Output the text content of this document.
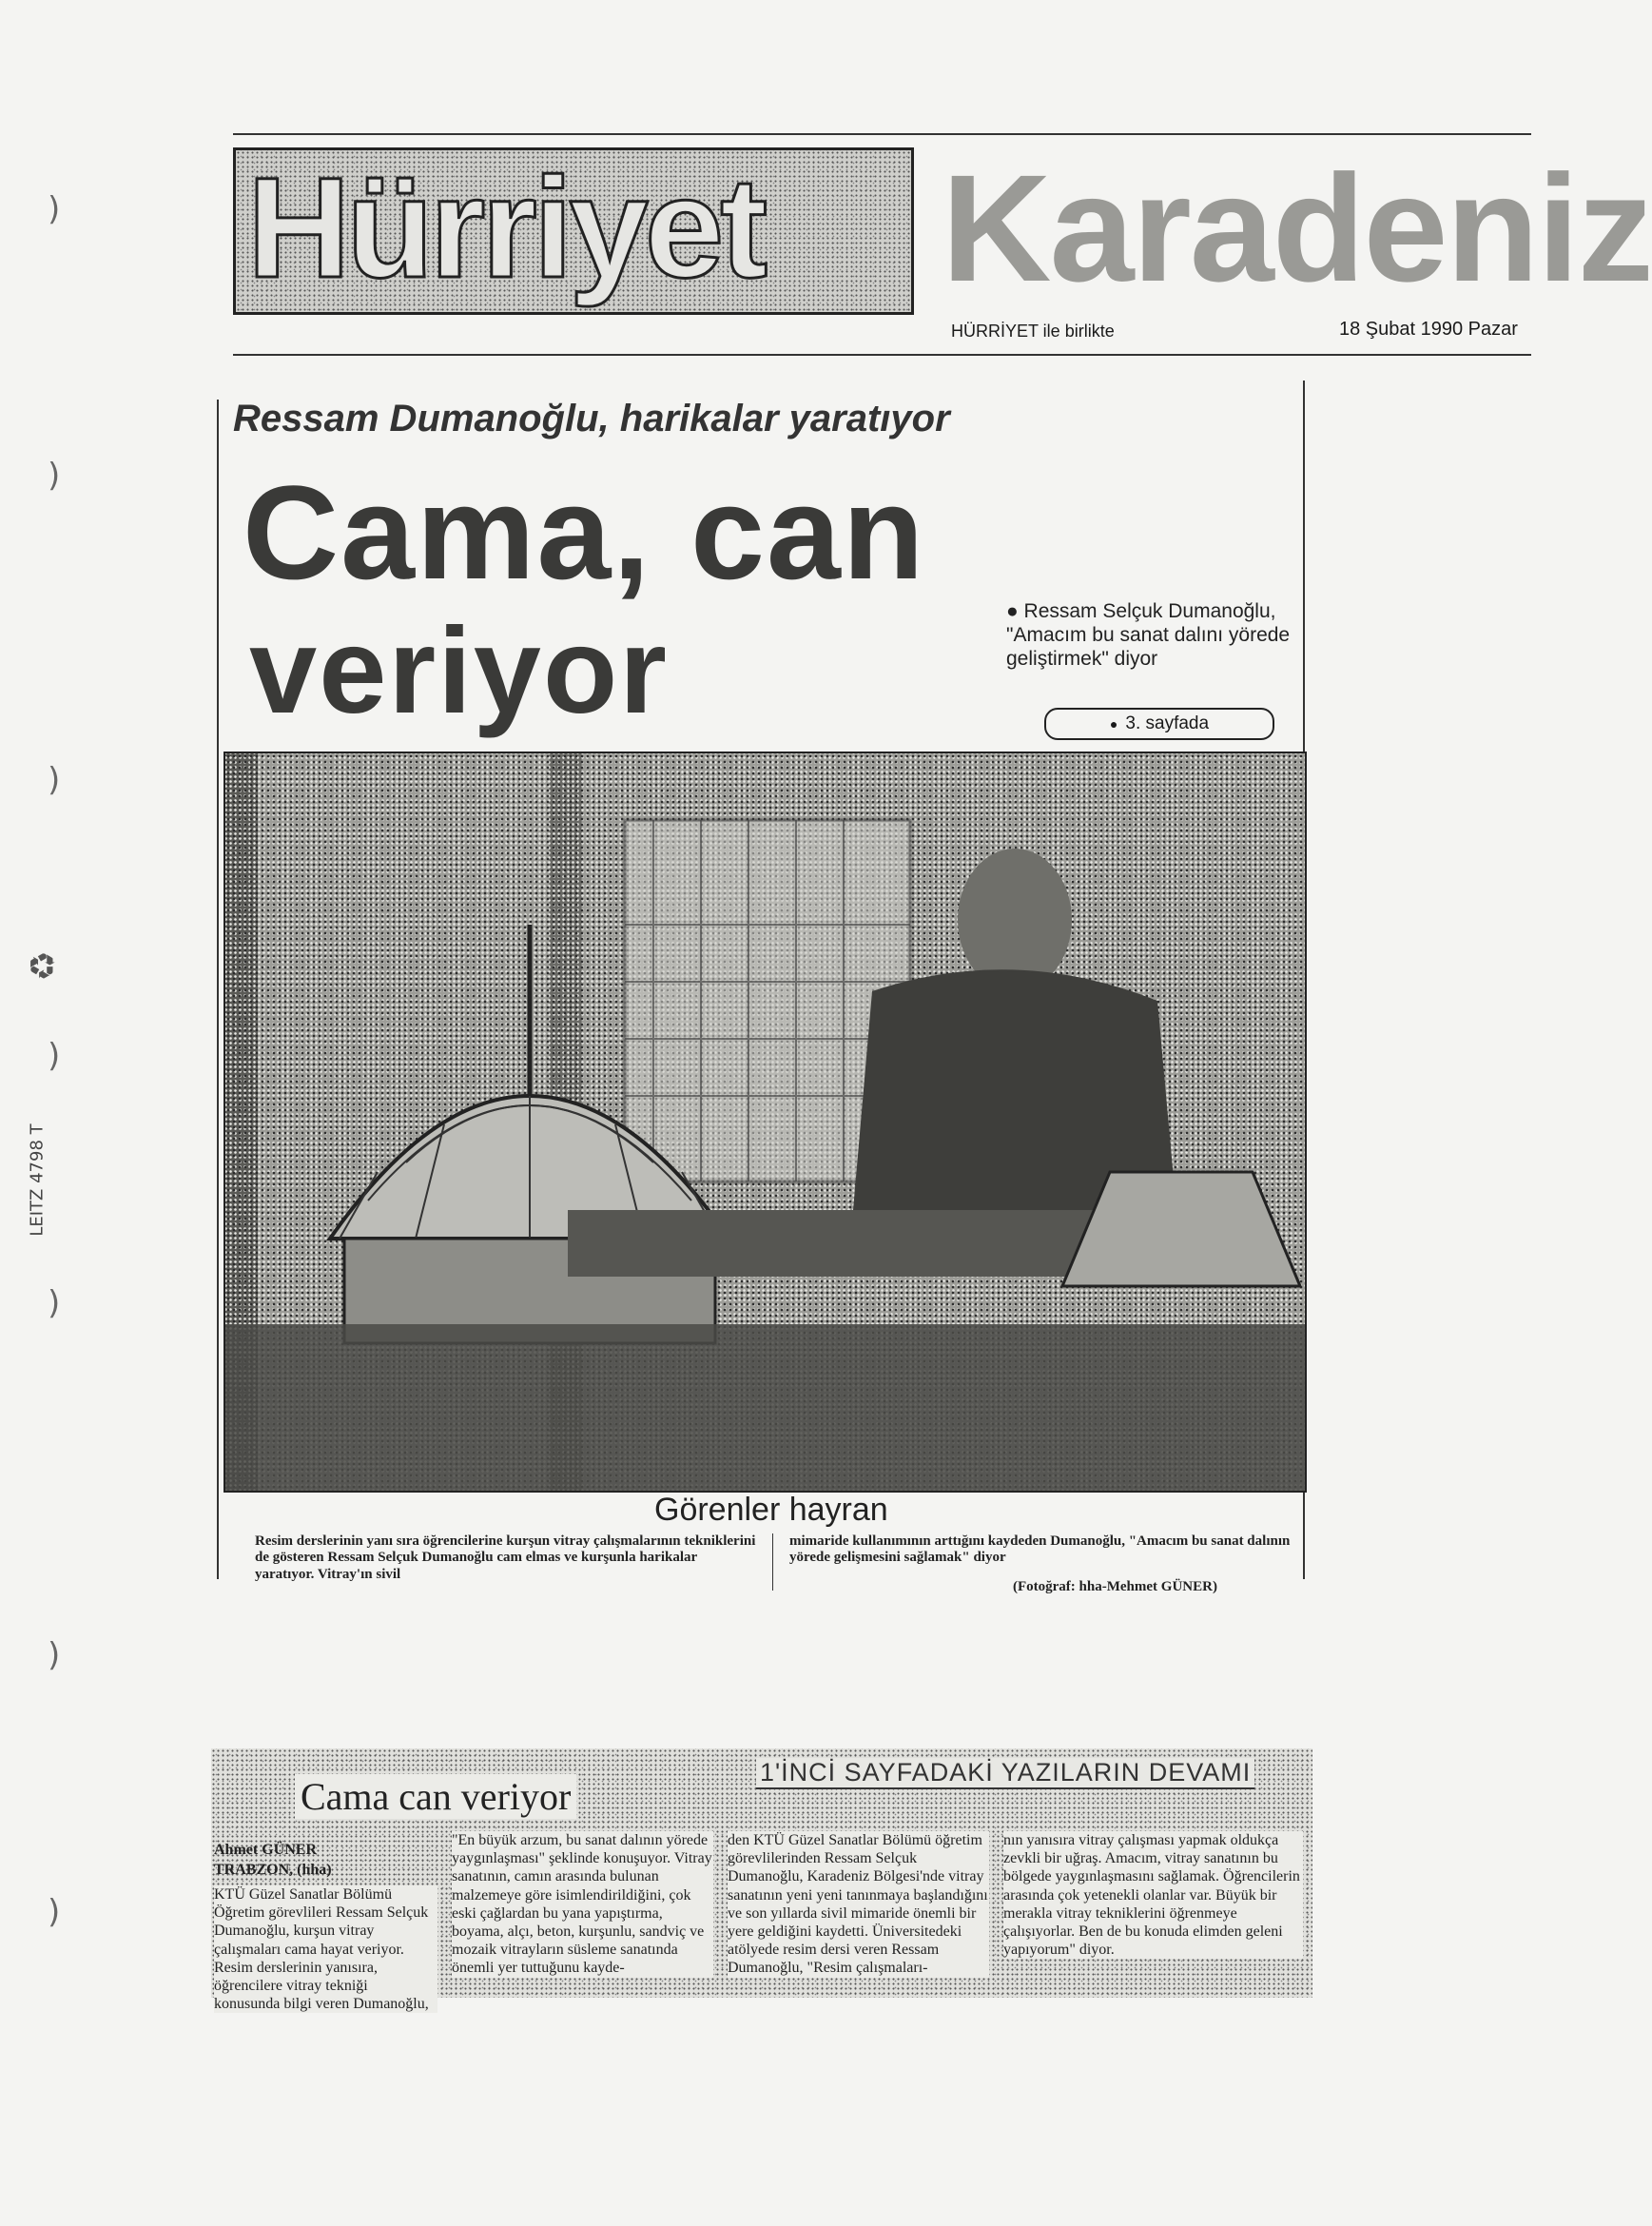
Hürriyet Karadeniz
HÜRRİYET ile birlikte	18 Şubat 1990 Pazar
Ressam Dumanoğlu, harikalar yaratıyor
Cama, can
veriyor	● Ressam Selçuk Dumanoğlu, "Amacım bu sanat dalını yörede geliştirmek" diyor
● 3. sayfada
Görenler hayran
Resim derslerinin yanı sıra öğrencilerine kurşun vitray çalışmalarının tekniklerini de gösteren Ressam Selçuk Dumanoğlu cam elmas ve kurşunla harikalar yaratıyor. Vitray'ın sivil
mimaride kullanımının arttığını kaydeden Dumanoğlu, "Amacım bu sanat dalının yörede gelişmesini sağlamak" diyor
(Fotoğraf: hha-Mehmet GÜNER)
1'İNCİ SAYFADAKİ YAZILARIN DEVAMI
Cama can veriyor
Ahmet GÜNER
TRABZON, (hha)
KTÜ Güzel Sanatlar Bölümü Öğretim görevlileri Ressam Selçuk Dumanoğlu, kurşun vitray çalışmaları cama hayat veriyor. Resim derslerinin yanısıra, öğrencilere vitray tekniği konusunda bilgi veren Dumanoğlu,
"En büyük arzum, bu sanat dalının yörede yaygınlaşması" şeklinde konuşuyor. Vitray sanatının, camın arasında bulunan malzemeye göre isimlendirildiğini, çok eski çağlardan bu yana yapıştırma, boyama, alçı, beton, kurşunlu, sandviç ve mozaik vitrayların süsleme sanatında önemli yer tuttuğunu kayde-
den KTÜ Güzel Sanatlar Bölümü öğretim görevlilerinden Ressam Selçuk Dumanoğlu, Karadeniz Bölgesi'nde vitray sanatının yeni yeni tanınmaya başlandığını ve son yıllarda sivil mimaride önemli bir yere geldiğini kaydetti. Üniversitedeki atölyede resim dersi veren Ressam Dumanoğlu, "Resim çalışmaları-
nın yanısıra vitray çalışması yapmak oldukça zevkli bir uğraş. Amacım, vitray sanatının bu bölgede yaygınlaşmasını sağlamak. Öğrencilerin arasında çok yetenekli olanlar var. Büyük bir merakla vitray tekniklerini öğrenmeye çalışıyorlar. Ben de bu konuda elimden geleni yapıyorum" diyor.
)
)
)
)
)
)
)
♻
LEITZ 4798 T
